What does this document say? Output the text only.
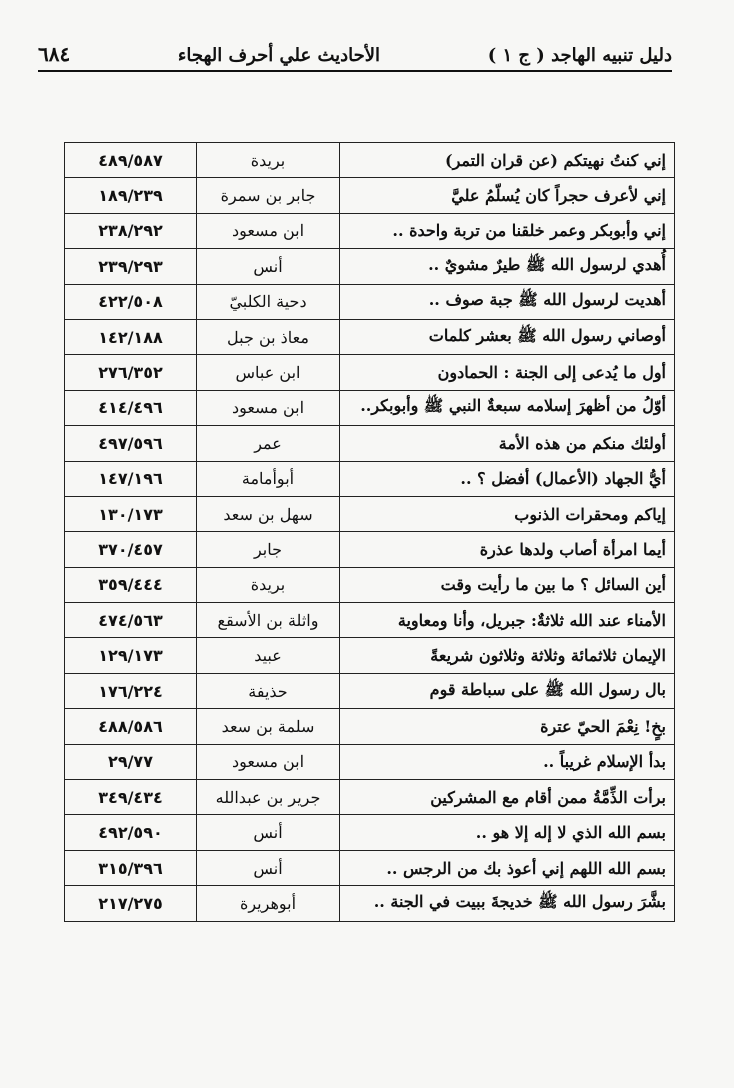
دليل تنبيه الهاجد ( ج ١ )
الأحاديث علي أحرف الهجاء
٦٨٤
إني كنتُ نهيتكم (عن قران التمر)	بريدة	٤٨٩/٥٨٧
إني لأعرف حجراً كان يُسلّمُ عليَّ	جابر بن سمرة	١٨٩/٢٣٩
إني وأبوبكر وعمر خلقنا من تربة واحدة ..	ابن مسعود	٢٣٨/٢٩٢
أُهدي لرسول الله ﷺ طيرٌ مشويٌ ..	أنس	٢٣٩/٢٩٣
أهديت لرسول الله ﷺ جبة صوف ..	دحية الكلبيّ	٤٢٢/٥٠٨
أوصاني رسول الله ﷺ بعشر كلمات	معاذ بن جبل	١٤٢/١٨٨
أول ما يُدعى إلى الجنة : الحمادون	ابن عباس	٢٧٦/٣٥٢
أوّلُ من أظهرَ إسلامه سبعةٌ النبي ﷺ وأبوبكر..	ابن مسعود	٤١٤/٤٩٦
أولئك منكم من هذه الأمة	عمر	٤٩٧/٥٩٦
أيُّ الجهاد (الأعمال) أفضل ؟ ..	أبوأمامة	١٤٧/١٩٦
إياكم ومحقرات الذنوب	سهل بن سعد	١٣٠/١٧٣
أيما امرأة أصاب ولدها عذرة	جابر	٣٧٠/٤٥٧
أين السائل ؟ ما بين ما رأيت وقت	بريدة	٣٥٩/٤٤٤
الأمناء عند الله ثلاثةٌ: جبريل، وأنا ومعاوية	واثلة بن الأسقع	٤٧٤/٥٦٣
الإيمان ثلاثمائة وثلاثة وثلاثون شريعةً	عبيد	١٢٩/١٧٣
بال رسول الله ﷺ على سباطة قوم	حذيفة	١٧٦/٢٢٤
بخٍ! نِعْمَ الحيّ عترة	سلمة بن سعد	٤٨٨/٥٨٦
بدأ الإسلام غريباً ..	ابن مسعود	٢٩/٧٧
برأت الذِّمَّةُ ممن أقام مع المشركين	جرير بن عبدالله	٣٤٩/٤٣٤
بسم الله الذي لا إله إلا هو ..	أنس	٤٩٢/٥٩٠
بسم الله اللهم إني أعوذ بك من الرجس ..	أنس	٣١٥/٣٩٦
بشَّرَ رسول الله ﷺ خديجةَ ببيت في الجنة ..	أبوهريرة	٢١٧/٢٧٥
